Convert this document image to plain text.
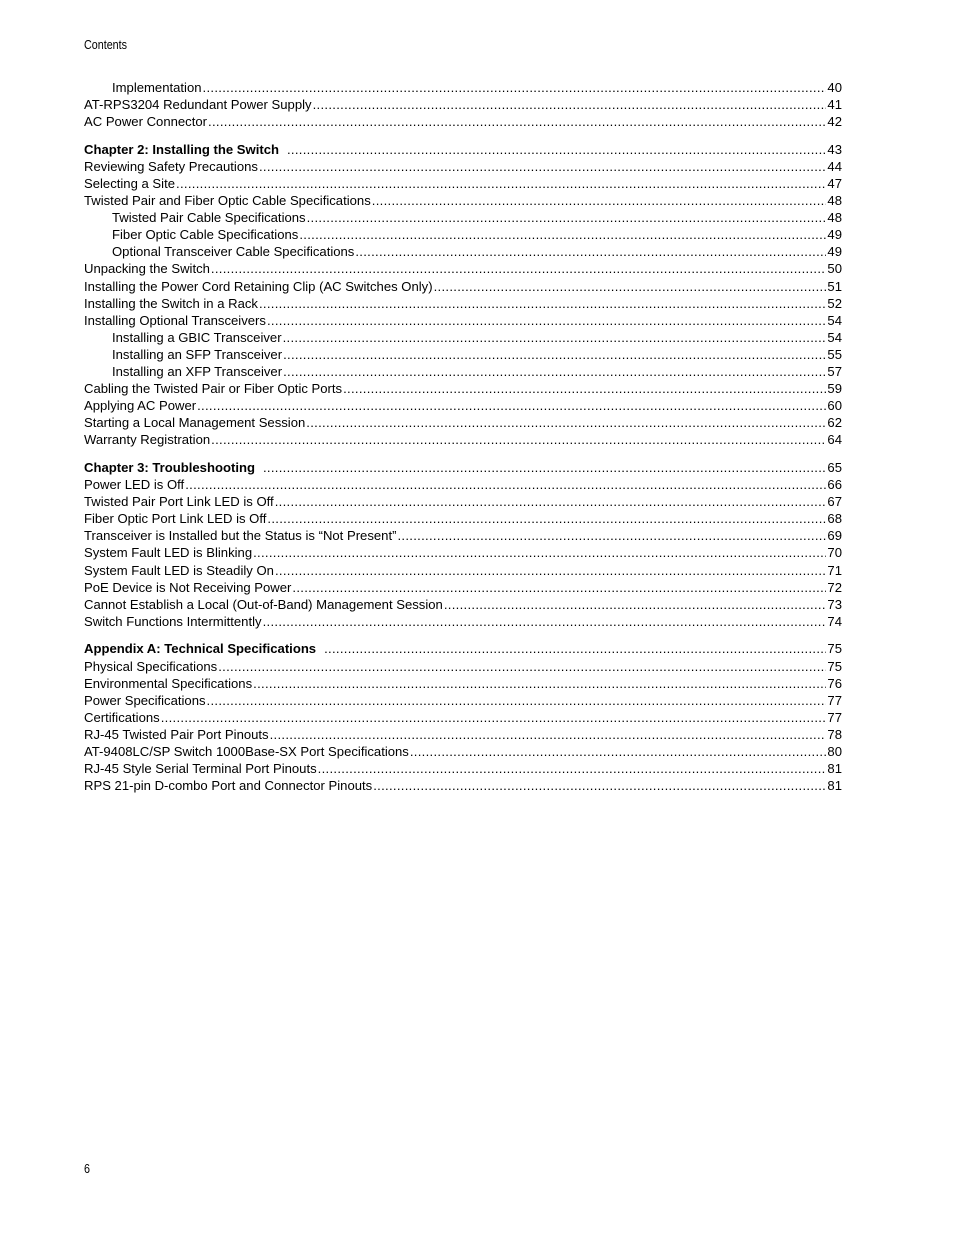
Contents
Implementation .....	40
AT-RPS3204 Redundant Power Supply .....	41
AC Power Connector .....	42
Chapter 2: Installing the Switch .....	43
Reviewing Safety Precautions .....	44
Selecting a Site .....	47
Twisted Pair and Fiber Optic Cable Specifications .....	48
Twisted Pair Cable Specifications .....	48
Fiber Optic Cable Specifications .....	49
Optional Transceiver Cable Specifications .....	49
Unpacking the Switch .....	50
Installing the Power Cord Retaining Clip (AC Switches Only) .....	51
Installing the Switch in a Rack .....	52
Installing Optional Transceivers .....	54
Installing a GBIC Transceiver .....	54
Installing an SFP Transceiver .....	55
Installing an XFP Transceiver .....	57
Cabling the Twisted Pair or Fiber Optic Ports .....	59
Applying AC Power .....	60
Starting a Local Management Session .....	62
Warranty Registration .....	64
Chapter 3: Troubleshooting .....	65
Power LED is Off .....	66
Twisted Pair Port Link LED is Off .....	67
Fiber Optic Port Link LED is Off .....	68
Transceiver is Installed but the Status is “Not Present” .....	69
System Fault LED is Blinking .....	70
System Fault LED is Steadily On .....	71
PoE Device is Not Receiving Power .....	72
Cannot Establish a Local (Out-of-Band) Management Session .....	73
Switch Functions Intermittently .....	74
Appendix A: Technical Specifications .....	75
Physical Specifications .....	75
Environmental Specifications .....	76
Power Specifications .....	77
Certifications .....	77
RJ-45 Twisted Pair Port Pinouts .....	78
AT-9408LC/SP Switch 1000Base-SX Port Specifications .....	80
RJ-45 Style Serial Terminal Port Pinouts .....	81
RPS 21-pin D-combo Port and Connector Pinouts .....	81
6
